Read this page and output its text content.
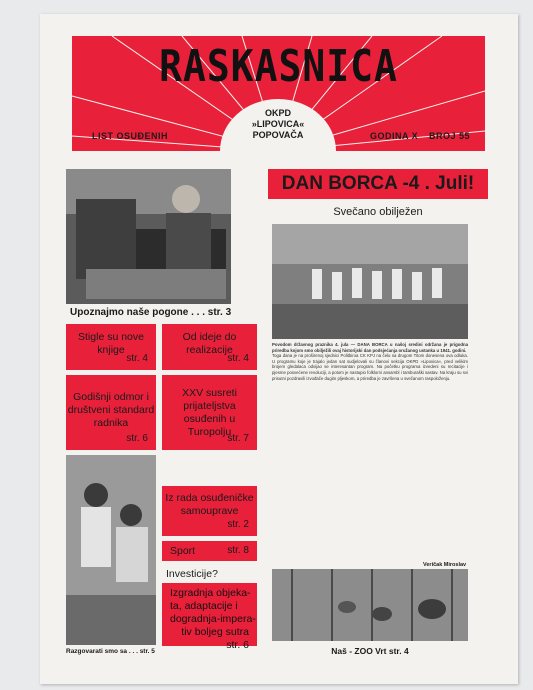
RASKASNICA
LIST OSUĐENIH
OKPD
»LIPOVICA«
POPOVAČA	GODINA X BROJ 55
Upoznajmo naše pogone . . . str. 3
Stigle su nove knjige
str. 4
Od ideje do realizacije
str. 4
Godišnji odmor i društveni standard radnika
str. 6
XXV susreti prijateljstva osuđenih u Turopolju
str. 7
Razgovarati smo sa . . . str. 5
Iz rada osuđeničke samouprave
str. 2
Sport	str. 8
Investicije?
Izgradnja objeka-
ta, adaptacije i
dogradnja-impera-
tiv boljeg sutra str. 6
DAN BORCA -4 . Juli!
Svečano obilježen
Povodom državnog praznika 4. jula — DANA BORCA u našoj sredini održana je prigodna priredba kojom smo obilježili ovaj historijski dan podsjećanja oružanog ustanka u 1941. godini.
Toga dana je na proširenoj sjednici Politbiroa CK KPJ na čelu sa drugom Titom donesena ova odluka. U programu koje je trajalo jedan sat sudjelovali su članovi sekcija OKPD »Lipovica«, pred velikim brojem gledalaca odvijao se interesantan program. Na početku programa izvedeni su recitacije i pjesme posvećene revoluciji, a potom je nastupio folklorni ansambl i tamburaški sastav. Na kraju su svi prisutni pozdravili izvođače dugim pljeskom, a priredba je završena u svečanom raspoloženju.
Veričak Miroslav
Naš - ZOO Vrt str. 4
